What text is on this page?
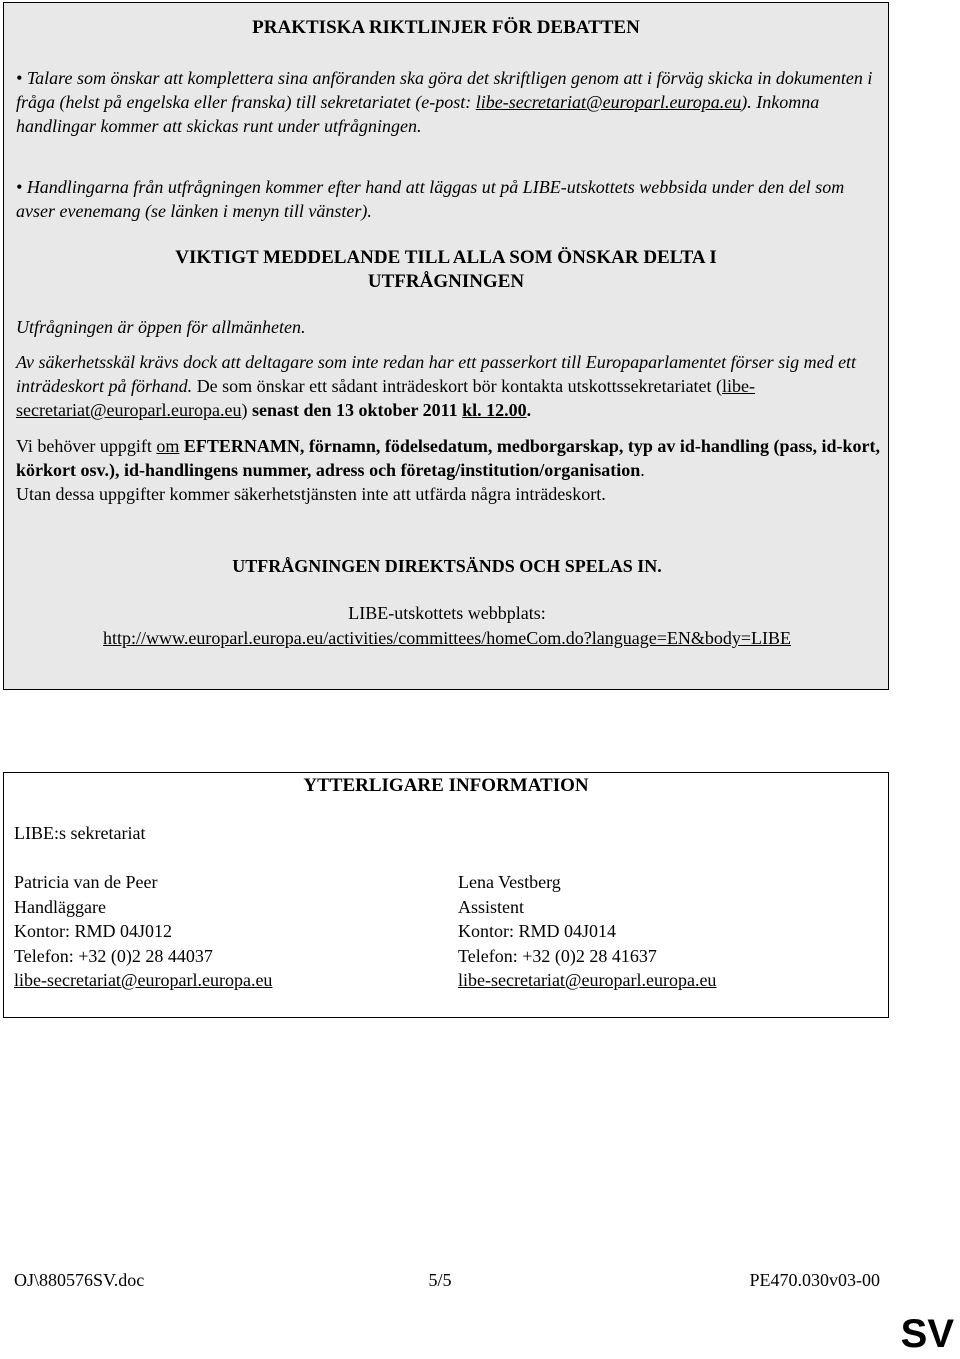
PRAKTISKA RIKTLINJER FÖR DEBATTEN

• Talare som önskar att komplettera sina anföranden ska göra det skriftligen genom att i förväg skicka in dokumenten i fråga (helst på engelska eller franska) till sekretariatet (e-post: libe-secretariat@europarl.europa.eu). Inkomna handlingar kommer att skickas runt under utfrågningen.

• Handlingarna från utfrågningen kommer efter hand att läggas ut på LIBE-utskottets webbsida under den del som avser evenemang (se länken i menyn till vänster).

VIKTIGT MEDDELANDE TILL ALLA SOM ÖNSKAR DELTA I
UTFRÅGNINGEN

Utfrågningen är öppen för allmänheten.

Av säkerhetsskäl krävs dock att deltagare som inte redan har ett passerkort till Europaparlamentet förser sig med ett inträdeskort på förhand. De som önskar ett sådant inträdeskort bör kontakta utskottssekretariatet (libe-secretariat@europarl.europa.eu) senast den 13 oktober 2011 kl. 12.00.

Vi behöver uppgift om EFTERNAMN, förnamn, födelsedatum, medborgarskap, typ av id-handling (pass, id-kort, körkort osv.), id-handlingens nummer, adress och företag/institution/organisation.
Utan dessa uppgifter kommer säkerhetstjänsten inte att utfärda några inträdeskort.

UTFRÅGNINGEN DIREKTSÄNDS OCH SPELAS IN.
LIBE-utskottets webbplats:
http://www.europarl.europa.eu/activities/committees/homeCom.do?language=EN&body=LIBE
YTTERLIGARE INFORMATION
LIBE:s sekretariat
Patricia van de Peer
Handläggare
Kontor: RMD 04J012
Telefon: +32 (0)2 28 44037
libe-secretariat@europarl.europa.eu
Lena Vestberg
Assistent
Kontor: RMD 04J014
Telefon: +32 (0)2 28 41637
libe-secretariat@europarl.europa.eu
OJ\880576SV.doc	5/5	PE470.030v03-00
SV
